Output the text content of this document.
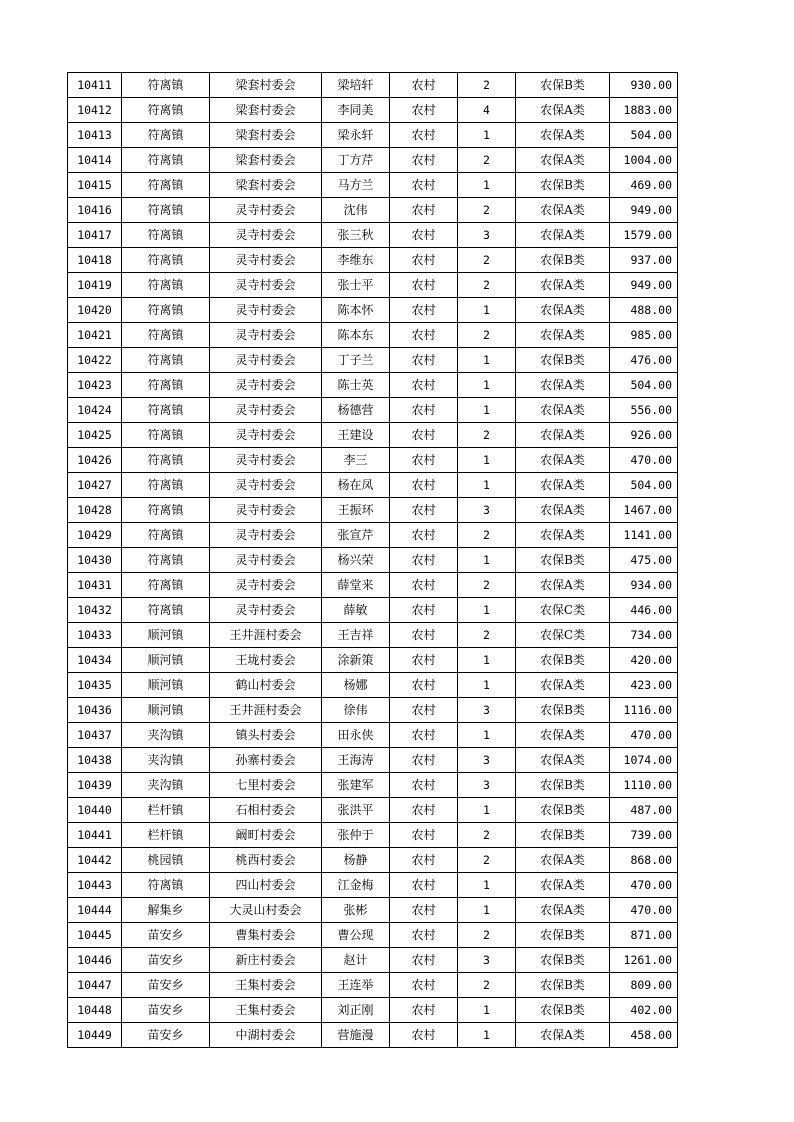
10411	符离镇	梁套村委会	梁培轩	农村	2	农保B类	930.00
10412	符离镇	梁套村委会	李同美	农村	4	农保A类	1883.00
10413	符离镇	梁套村委会	梁永轩	农村	1	农保A类	504.00
10414	符离镇	梁套村委会	丁方芹	农村	2	农保A类	1004.00
10415	符离镇	梁套村委会	马方兰	农村	1	农保B类	469.00
10416	符离镇	灵寺村委会	沈伟	农村	2	农保A类	949.00
10417	符离镇	灵寺村委会	张三秋	农村	3	农保A类	1579.00
10418	符离镇	灵寺村委会	李维东	农村	2	农保B类	937.00
10419	符离镇	灵寺村委会	张士平	农村	2	农保A类	949.00
10420	符离镇	灵寺村委会	陈本怀	农村	1	农保A类	488.00
10421	符离镇	灵寺村委会	陈本东	农村	2	农保A类	985.00
10422	符离镇	灵寺村委会	丁子兰	农村	1	农保B类	476.00
10423	符离镇	灵寺村委会	陈士英	农村	1	农保A类	504.00
10424	符离镇	灵寺村委会	杨德营	农村	1	农保A类	556.00
10425	符离镇	灵寺村委会	王建设	农村	2	农保A类	926.00
10426	符离镇	灵寺村委会	李三	农村	1	农保A类	470.00
10427	符离镇	灵寺村委会	杨在凤	农村	1	农保A类	504.00
10428	符离镇	灵寺村委会	王振环	农村	3	农保A类	1467.00
10429	符离镇	灵寺村委会	张宣芹	农村	2	农保A类	1141.00
10430	符离镇	灵寺村委会	杨兴荣	农村	1	农保B类	475.00
10431	符离镇	灵寺村委会	薛堂来	农村	2	农保A类	934.00
10432	符离镇	灵寺村委会	薛敏	农村	1	农保C类	446.00
10433	顺河镇	王井涯村委会	王吉祥	农村	2	农保C类	734.00
10434	顺河镇	王垅村委会	涂新策	农村	1	农保B类	420.00
10435	顺河镇	鹤山村委会	杨娜	农村	1	农保A类	423.00
10436	顺河镇	王井涯村委会	徐伟	农村	3	农保B类	1116.00
10437	夹沟镇	镇头村委会	田永侠	农村	1	农保A类	470.00
10438	夹沟镇	孙寨村委会	王海涛	农村	3	农保A类	1074.00
10439	夹沟镇	七里村委会	张建军	农村	3	农保B类	1110.00
10440	栏杆镇	石相村委会	张洪平	农村	1	农保B类	487.00
10441	栏杆镇	阚町村委会	张仲于	农村	2	农保B类	739.00
10442	桃园镇	桃西村委会	杨静	农村	2	农保A类	868.00
10443	符离镇	四山村委会	江金梅	农村	1	农保A类	470.00
10444	解集乡	大灵山村委会	张彬	农村	1	农保A类	470.00
10445	苗安乡	曹集村委会	曹公现	农村	2	农保B类	871.00
10446	苗安乡	新庄村委会	赵计	农村	3	农保B类	1261.00
10447	苗安乡	王集村委会	王连举	农村	2	农保B类	809.00
10448	苗安乡	王集村委会	刘正刚	农村	1	农保B类	402.00
10449	苗安乡	中湖村委会	营施漫	农村	1	农保A类	458.00
